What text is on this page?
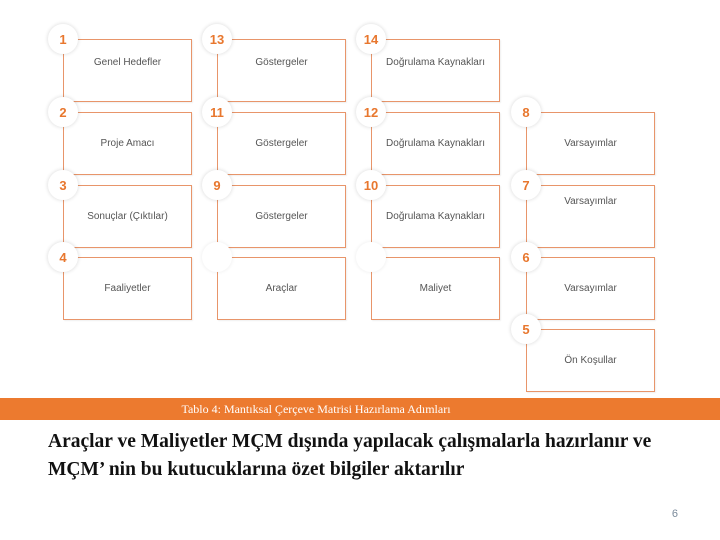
Genel Hedefler
1
Göstergeler
13
Doğrulama Kaynakları
14
Proje Amacı
2
Göstergeler
11
Doğrulama Kaynakları
12
Varsayımlar
8
Sonuçlar (Çıktılar)
3
Göstergeler
9
Doğrulama Kaynakları
10
Varsayımlar
7
Faaliyetler
4
Araçlar	Maliyet	Varsayımlar
6
Ön Koşullar
5
Tablo 4: Mantıksal Çerçeve Matrisi Hazırlama Adımları
Araçlar ve Maliyetler MÇM dışında yapılacak çalışmalarla hazırlanır ve MÇM’ nin bu kutucuklarına özet bilgiler aktarılır
6
